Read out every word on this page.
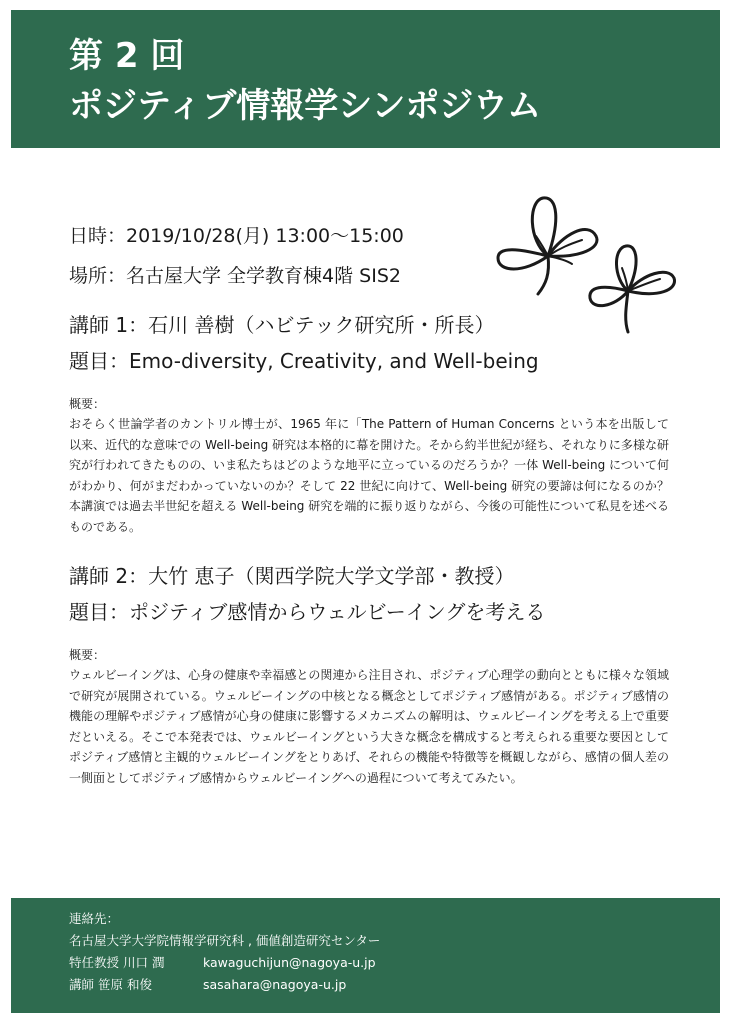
第 2 回
ポジティブ情報学シンポジウム
日時：2019/10/28(月) 13:00〜15:00
場所：名古屋大学 全学教育棟4階 SIS2
講師 1：石川 善樹（ハビテック研究所・所長）
題目：Emo-diversity, Creativity, and Well-being
概要：
おそらく世論学者のカントリル博士が、1965 年に「The Pattern of Human Concerns という本を出版して以来、近代的な意味での Well-being 研究は本格的に幕を開けた。そから約半世紀が経ち、それなりに多様な研究が行われてきたものの、いま私たちはどのような地平に立っているのだろうか？一体 Well-being について何がわかり、何がまだわかっていないのか？そして 22 世紀に向けて、Well-being 研究の要諦は何になるのか？本講演では過去半世紀を超える Well-being 研究を端的に振り返りながら、今後の可能性について私見を述べるものである。
講師 2：大竹 恵子（関西学院大学文学部・教授）
題目：ポジティブ感情からウェルビーイングを考える
概要：
ウェルビーイングは、心身の健康や幸福感との関連から注目され、ポジティブ心理学の動向とともに様々な領域で研究が展開されている。ウェルビーイングの中核となる概念としてポジティブ感情がある。ポジティブ感情の機能の理解やポジティブ感情が心身の健康に影響するメカニズムの解明は、ウェルビーイングを考える上で重要だといえる。そこで本発表では、ウェルビーイングという大きな概念を構成すると考えられる重要な要因としてポジティブ感情と主観的ウェルビーイングをとりあげ、それらの機能や特徴等を概観しながら、感情の個人差の一側面としてポジティブ感情からウェルビーイングへの過程について考えてみたい。
連絡先：
名古屋大学大学院情報学研究科 , 価値創造研究センター
特任教授 川口 潤	kawaguchijun@nagoya-u.jp
講師 笹原 和俊	sasahara@nagoya-u.jp
